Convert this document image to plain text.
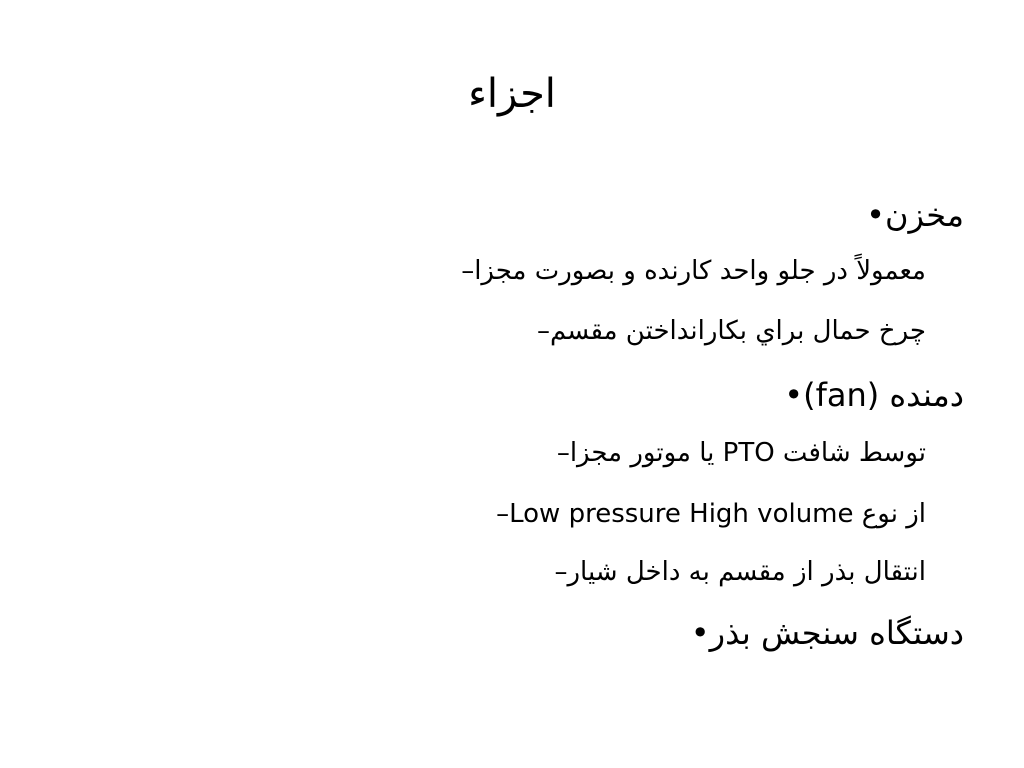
اجزاء
•مخزن
–معمولاً در جلو واحد کارنده و بصورت مجزا
–چرخ حمال براي بکارانداختن مقسم
•دمنده (fan)
–توسط شافت PTO یا موتور مجزا
–از نوع Low pressure High volume
–انتقال بذر از مقسم به داخل شيار
•دستگاه سنجش بذر
